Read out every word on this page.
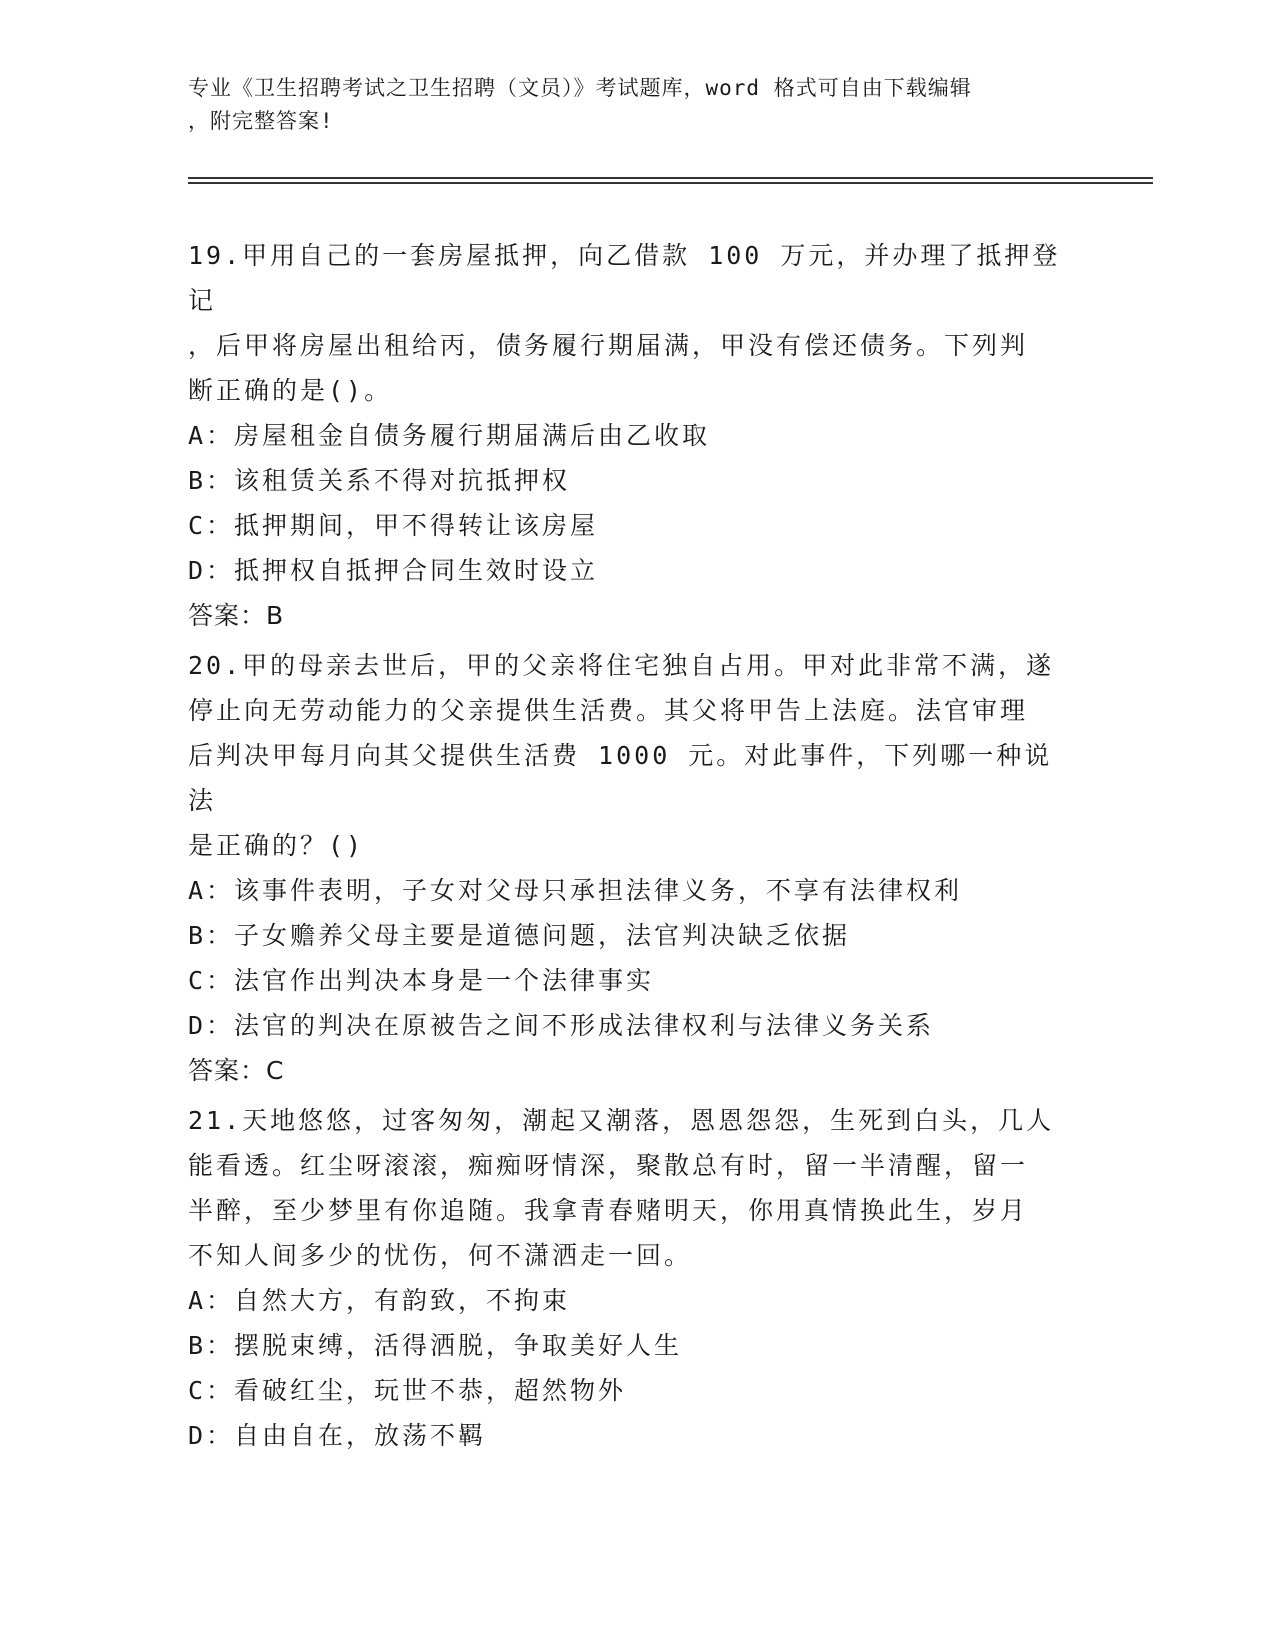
专业《卫生招聘考试之卫生招聘（文员）》考试题库，word 格式可自由下载编辑
，附完整答案!

19.甲用自己的一套房屋抵押，向乙借款 100 万元，并办理了抵押登记

，后甲将房屋出租给丙，债务履行期届满，甲没有偿还债务。下列判

断正确的是()。

A：房屋租金自债务履行期届满后由乙收取

B：该租赁关系不得对抗抵押权

C：抵押期间，甲不得转让该房屋

D：抵押权自抵押合同生效时设立

答案：B

20.甲的母亲去世后，甲的父亲将住宅独自占用。甲对此非常不满，遂

停止向无劳动能力的父亲提供生活费。其父将甲告上法庭。法官审理

后判决甲每月向其父提供生活费 1000 元。对此事件，下列哪一种说法

是正确的？()

A：该事件表明，子女对父母只承担法律义务，不享有法律权利

B：子女赡养父母主要是道德问题，法官判决缺乏依据

C：法官作出判决本身是一个法律事实

D：法官的判决在原被告之间不形成法律权利与法律义务关系

答案：C

21.天地悠悠，过客匆匆，潮起又潮落，恩恩怨怨，生死到白头，几人

能看透。红尘呀滚滚，痴痴呀情深，聚散总有时，留一半清醒，留一

半醉，至少梦里有你追随。我拿青春赌明天，你用真情换此生，岁月

不知人间多少的忧伤，何不潇洒走一回。

A：自然大方，有韵致，不拘束

B：摆脱束缚，活得洒脱，争取美好人生

C：看破红尘，玩世不恭，超然物外

D：自由自在，放荡不羁
